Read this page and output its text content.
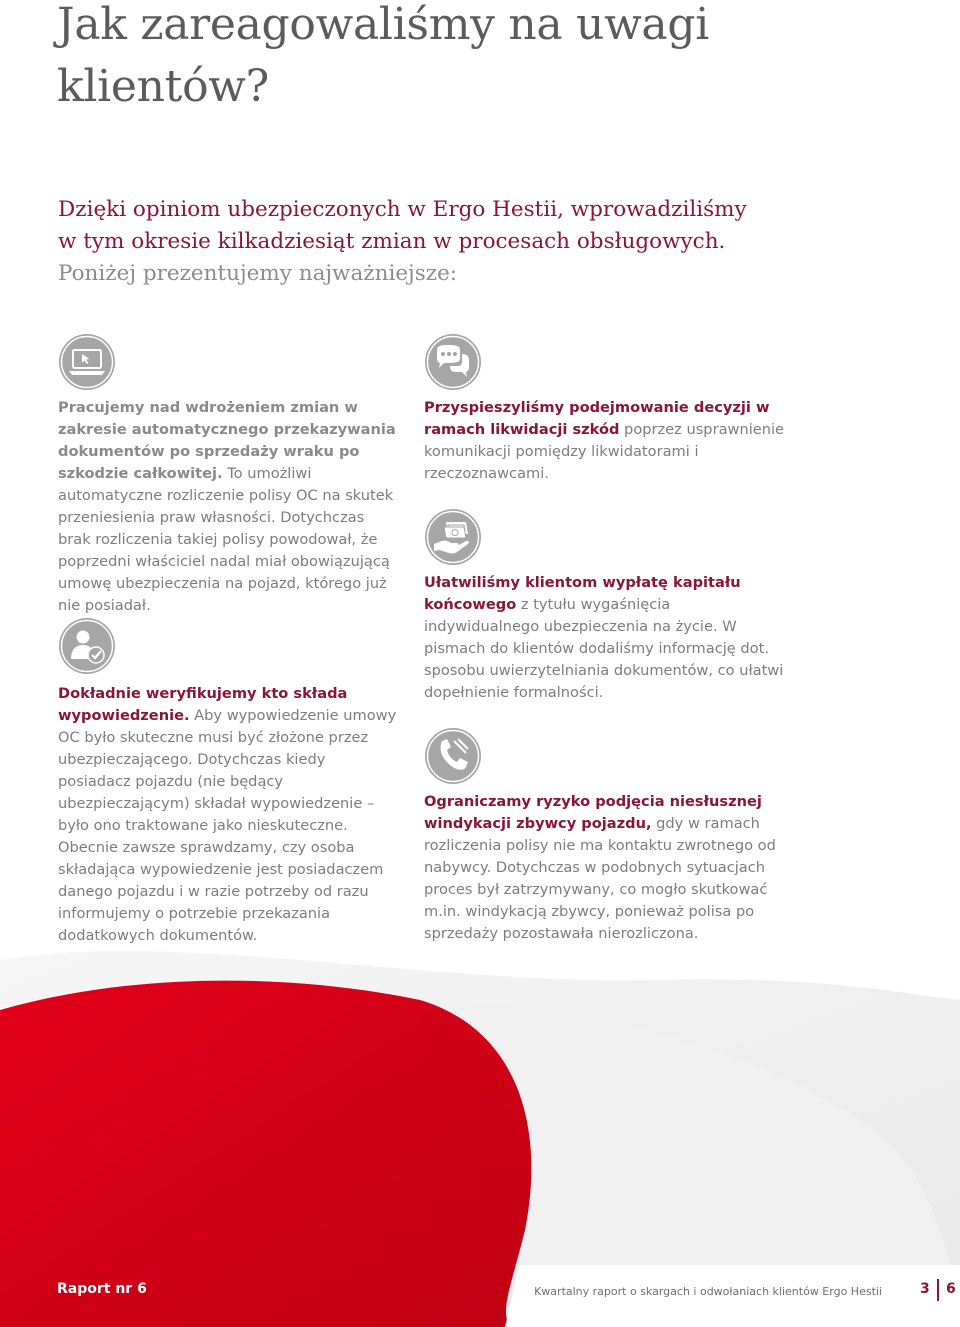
Jak zareagowaliśmy na uwagi klientów?

Dzięki opiniom ubezpieczonych w Ergo Hestii, wprowadziliśmy
w tym okresie kilkadziesiąt zmian w procesach obsługowych.
Poniżej prezentujemy najważniejsze:

Pracujemy nad wdrożeniem zmian w zakresie automatycznego przekazywania dokumentów po sprzedaży wraku po szkodzie całkowitej. To umożliwi automatyczne rozliczenie polisy OC na skutek przeniesienia praw własności. Dotychczas brak rozliczenia takiej polisy powodował, że poprzedni właściciel nadal miał obowiązującą umowę ubezpieczenia na pojazd, którego już nie posiadał.

Dokładnie weryfikujemy kto składa wypowiedzenie. Aby wypowiedzenie umowy OC było skuteczne musi być złożone przez ubezpieczającego. Dotychczas kiedy posiadacz pojazdu (nie będący ubezpieczającym) składał wypowiedzenie – było ono traktowane jako nieskuteczne. Obecnie zawsze sprawdzamy, czy osoba składająca wypowiedzenie jest posiadaczem danego pojazdu i w razie potrzeby od razu informujemy o potrzebie przekazania dodatkowych dokumentów.

Przyspieszyliśmy podejmowanie decyzji w ramach likwidacji szkód poprzez usprawnienie komunikacji pomiędzy likwidatorami i rzeczoznawcami.

Ułatwiliśmy klientom wypłatę kapitału końcowego z tytułu wygaśnięcia indywidualnego ubezpieczenia na życie. W pismach do klientów dodaliśmy informację dot. sposobu uwierzytelniania dokumentów, co ułatwi dopełnienie formalności.

Ograniczamy ryzyko podjęcia niesłusznej windykacji zbywcy pojazdu, gdy w ramach rozliczenia polisy nie ma kontaktu zwrotnego od nabywcy. Dotychczas w podobnych sytuacjach proces był zatrzymywany, co mogło skutkować m.in. windykacją zbywcy, ponieważ polisa po sprzedaży pozostawała nierozliczona.

Raport nr 6	Kwartalny raport o skargach i odwołaniach klientów Ergo Hestii	3 6
